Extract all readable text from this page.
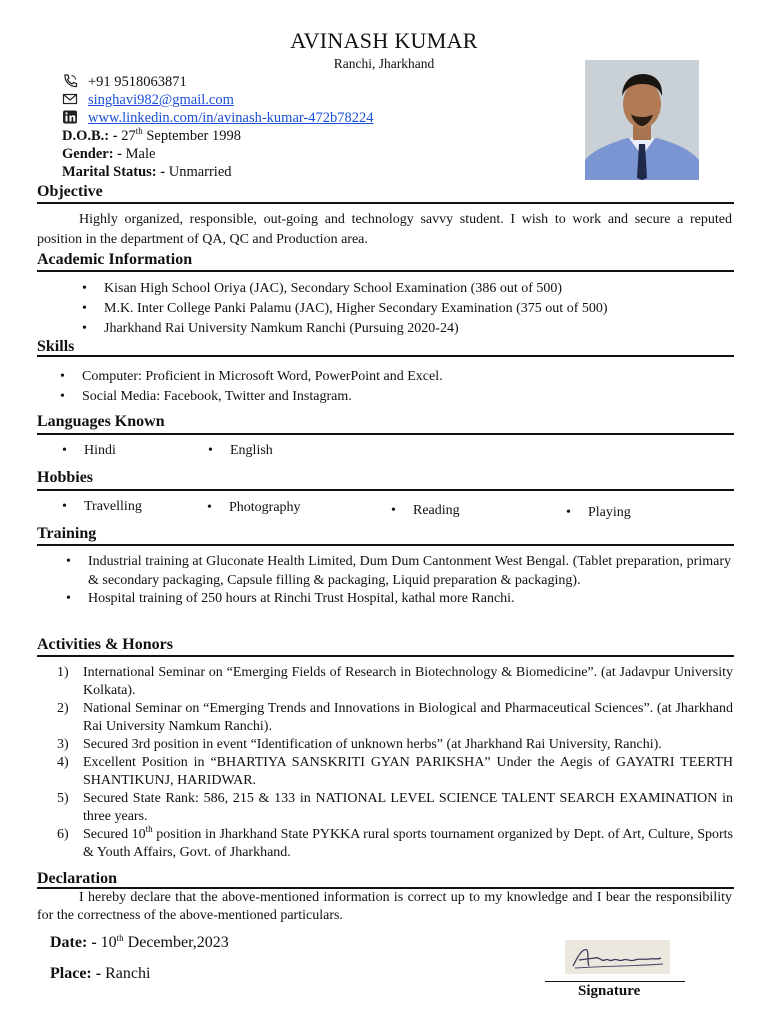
AVINASH KUMAR
Ranchi, Jharkhand
+91 9518063871
singhavi982@gmail.com
www.linkedin.com/in/avinash-kumar-472b78224
D.O.B.: - 27th September 1998
Gender: - Male
Marital Status: - Unmarried
Objective
Highly organized, responsible, out-going and technology savvy student. I wish to work and secure a reputed position in the department of QA, QC and Production area.
Academic Information
• Kisan High School Oriya (JAC), Secondary School Examination (386 out of 500)
• M.K. Inter College Panki Palamu (JAC), Higher Secondary Examination (375 out of 500)
• Jharkhand Rai University Namkum Ranchi (Pursuing 2020-24)
Skills
• Computer: Proficient in Microsoft Word, PowerPoint and Excel.
• Social Media: Facebook, Twitter and Instagram.
Languages Known
• Hindi	• English
Hobbies
• Travelling	• Photography	• Reading	• Playing
Training
• Industrial training at Gluconate Health Limited, Dum Dum Cantonment West Bengal. (Tablet preparation, primary & secondary packaging, Capsule filling & packaging, Liquid preparation & packaging).
• Hospital training of 250 hours at Rinchi Trust Hospital, kathal more Ranchi.
Activities & Honors
1) International Seminar on “Emerging Fields of Research in Biotechnology & Biomedicine”. (at Jadavpur University Kolkata).
2) National Seminar on “Emerging Trends and Innovations in Biological and Pharmaceutical Sciences”. (at Jharkhand Rai University Namkum Ranchi).
3) Secured 3rd position in event “Identification of unknown herbs” (at Jharkhand Rai University, Ranchi).
4) Excellent Position in “BHARTIYA SANSKRITI GYAN PARIKSHA” Under the Aegis of GAYATRI TEERTH SHANTIKUNJ, HARIDWAR.
5) Secured State Rank: 586, 215 & 133 in NATIONAL LEVEL SCIENCE TALENT SEARCH EXAMINATION in three years.
6) Secured 10th position in Jharkhand State PYKKA rural sports tournament organized by Dept. of Art, Culture, Sports & Youth Affairs, Govt. of Jharkhand.
Declaration
I hereby declare that the above-mentioned information is correct up to my knowledge and I bear the responsibility for the correctness of the above-mentioned particulars.
Date: - 10th December,2023
Place: - Ranchi
Signature
